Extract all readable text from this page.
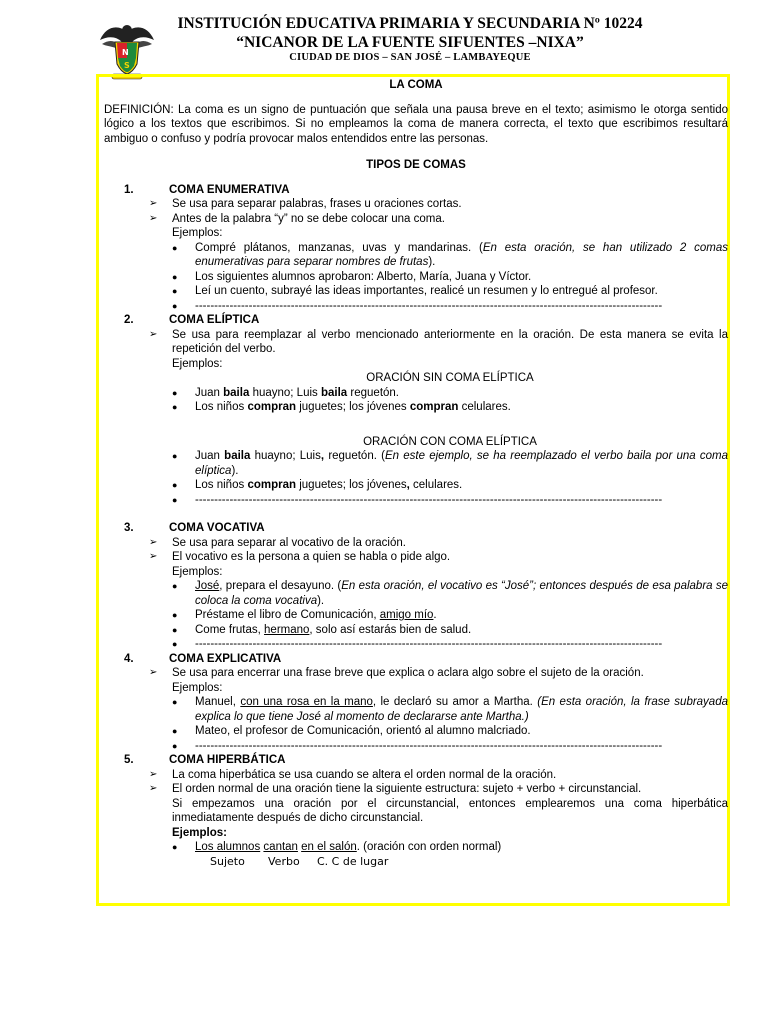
N
S
INSTITUCIÓN EDUCATIVA PRIMARIA Y SECUNDARIA Nº 10224
“NICANOR DE LA FUENTE SIFUENTES –NIXA”
CIUDAD DE DIOS – SAN JOSÉ – LAMBAYEQUE
LA COMA
DEFINICIÓN: La coma es un signo de puntuación que señala una pausa breve en el texto; asimismo le otorga sentido lógico a los textos que escribimos. Si no empleamos la coma de manera correcta, el texto que escribimos resultará ambiguo o confuso y podría provocar malos entendidos entre las personas.
TIPOS DE COMAS
1.	COMA ENUMERATIVA
➢	Se usa para separar palabras, frases u oraciones cortas.
➢	Antes de la palabra “y” no se debe colocar una coma.
Ejemplos:
●	Compré plátanos, manzanas, uvas y mandarinas. (En esta oración, se han utilizado 2 comas enumerativas para separar nombres de frutas).
●	Los siguientes alumnos aprobaron: Alberto, María, Juana y Víctor.
●	Leí un cuento, subrayé las ideas importantes, realicé un resumen y lo entregué al profesor.
●	--------------------------------------------------------------------------------------------------------------------------
2.	COMA ELÍPTICA
➢	Se usa para reemplazar al verbo mencionado anteriormente en la oración. De esta manera se evita la repetición del verbo.
Ejemplos:
ORACIÓN SIN COMA ELÍPTICA
●	Juan baila huayno; Luis baila reguetón.
●	Los niños compran juguetes; los jóvenes compran celulares.
ORACIÓN CON COMA ELÍPTICA
●	Juan baila huayno; Luis, reguetón. (En este ejemplo, se ha reemplazado el verbo baila por una coma elíptica).
●	Los niños compran juguetes; los jóvenes, celulares.
●	--------------------------------------------------------------------------------------------------------------------------
3.	COMA VOCATIVA
➢	Se usa para separar al vocativo de la oración.
➢	El vocativo es la persona a quien se habla o pide algo.
Ejemplos:
●	José, prepara el desayuno. (En esta oración, el vocativo es “José”; entonces después de esa palabra se coloca la coma vocativa).
●	Préstame el libro de Comunicación, amigo mío.
●	Come frutas, hermano, solo así estarás bien de salud.
●	--------------------------------------------------------------------------------------------------------------------------
4.	COMA EXPLICATIVA
➢	Se usa para encerrar una frase breve que explica o aclara algo sobre el sujeto de la oración.
Ejemplos:
●	Manuel, con una rosa en la mano, le declaró su amor a Martha. (En esta oración, la frase subrayada explica lo que tiene José al momento de declararse ante Martha.)
●	Mateo, el profesor de Comunicación, orientó al alumno malcriado.
●	--------------------------------------------------------------------------------------------------------------------------
5.	COMA HIPERBÁTICA
➢	La coma hiperbática se usa cuando se altera el orden normal de la oración.
➢	El orden normal de una oración tiene la siguiente estructura: sujeto + verbo + circunstancial.
Si empezamos una oración por el circunstancial, entonces emplearemos una coma hiperbática inmediatamente después de dicho circunstancial.
Ejemplos:
●	Los alumnos cantan en el salón. (oración con orden normal)
Sujeto Verbo C. C de lugar
